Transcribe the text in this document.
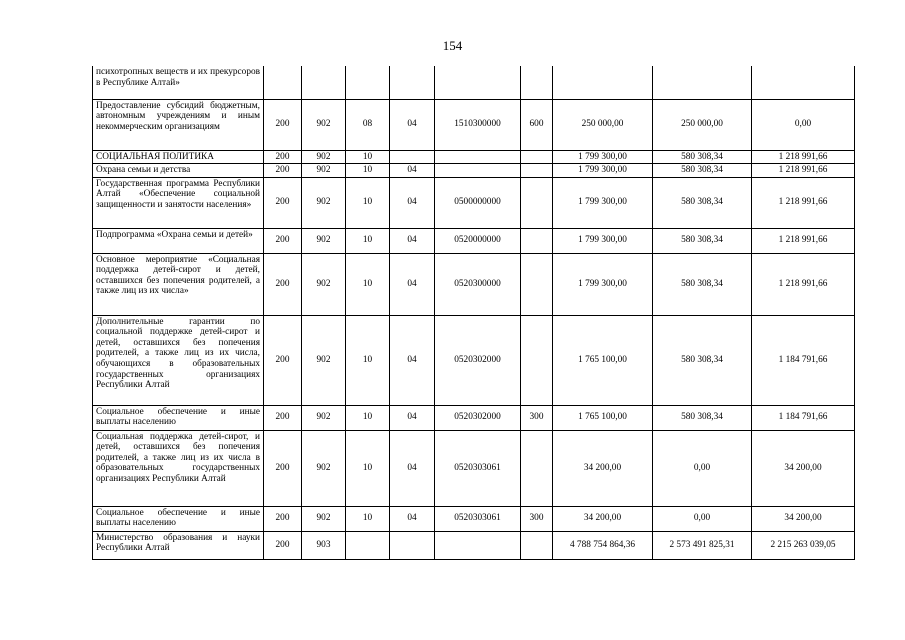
154
психотропных веществ и их прекурсоров в Республике Алтай»									
Предоставление субсидий бюджетным, автономным учреждениям и иным некоммерческим организациям	200	902	08	04	1510300000	600	250 000,00	250 000,00	0,00
СОЦИАЛЬНАЯ ПОЛИТИКА	200	902	10				1 799 300,00	580 308,34	1 218 991,66
Охрана семьи и детства	200	902	10	04			1 799 300,00	580 308,34	1 218 991,66
Государственная программа Республики Алтай «Обеспечение социальной защищенности и занятости населения»	200	902	10	04	0500000000		1 799 300,00	580 308,34	1 218 991,66
Подпрограмма «Охрана семьи и детей»	200	902	10	04	0520000000		1 799 300,00	580 308,34	1 218 991,66
Основное мероприятие «Социальная поддержка детей-сирот и детей, оставшихся без попечения родителей, а также лиц из их числа»	200	902	10	04	0520300000		1 799 300,00	580 308,34	1 218 991,66
Дополнительные гарантии по социальной поддержке детей-сирот и детей, оставшихся без попечения родителей, а также лиц из их числа, обучающихся в образовательных государственных организациях Республики Алтай	200	902	10	04	0520302000		1 765 100,00	580 308,34	1 184 791,66
Социальное обеспечение и иные выплаты населению	200	902	10	04	0520302000	300	1 765 100,00	580 308,34	1 184 791,66
Социальная поддержка детей-сирот, и детей, оставшихся без попечения родителей, а также лиц из их числа в образовательных государственных организациях Республики Алтай	200	902	10	04	0520303061		34 200,00	0,00	34 200,00
Социальное обеспечение и иные выплаты населению	200	902	10	04	0520303061	300	34 200,00	0,00	34 200,00
Министерство образования и науки Республики Алтай	200	903					4 788 754 864,36	2 573 491 825,31	2 215 263 039,05
